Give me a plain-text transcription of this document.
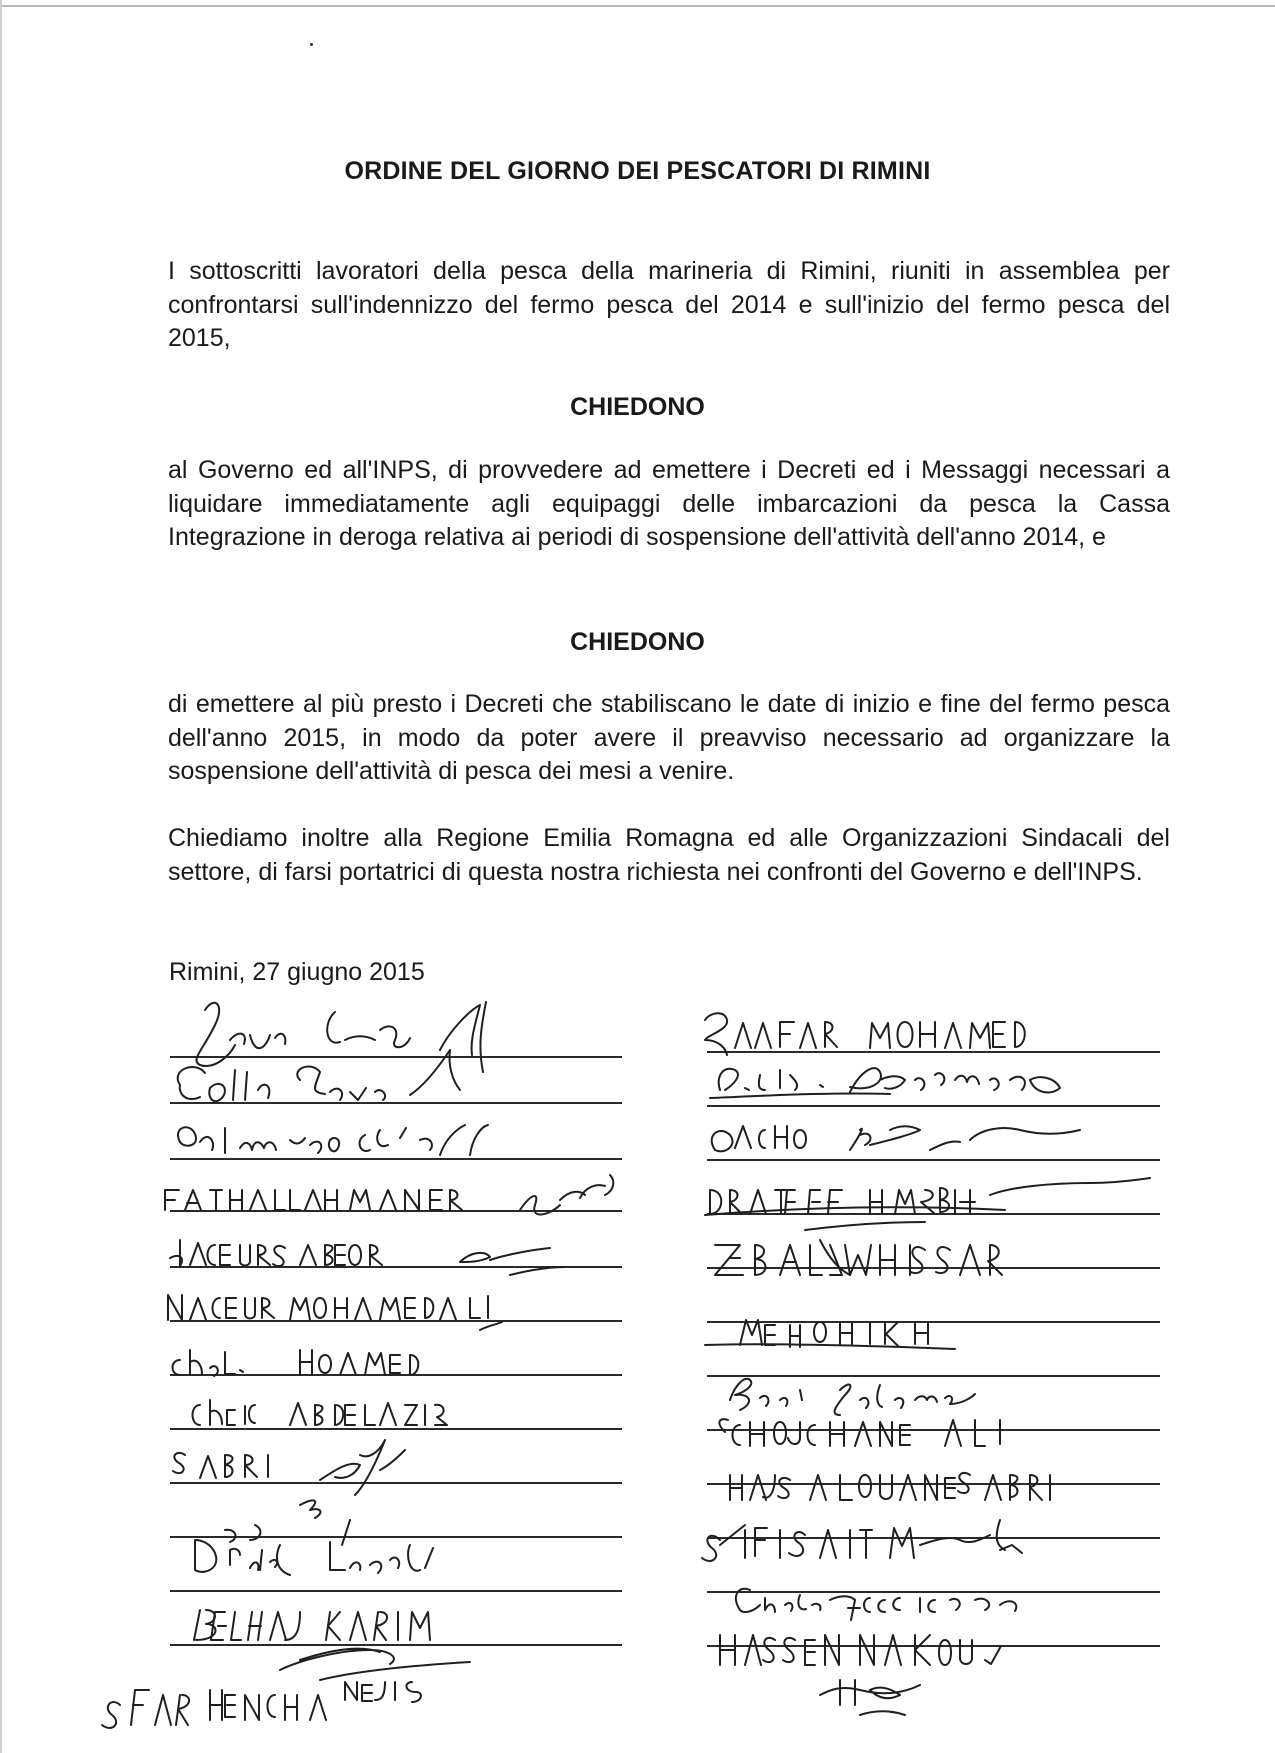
ORDINE DEL GIORNO DEI PESCATORI DI RIMINI
I sottoscritti lavoratori della pesca della marineria di Rimini, riuniti in assemblea per confrontarsi sull'indennizzo del fermo pesca del 2014 e sull'inizio del fermo pesca del 2015,
CHIEDONO
al Governo ed all'INPS, di provvedere ad emettere i Decreti ed i Messaggi necessari a liquidare immediatamente agli equipaggi delle imbarcazioni da pesca la Cassa Integrazione in deroga relativa ai periodi di sospensione dell'attività dell'anno 2014, e
CHIEDONO
di emettere al più presto i Decreti che stabiliscano le date di inizio e fine del fermo pesca dell'anno 2015, in modo da poter avere il preavviso necessario ad organizzare la sospensione dell'attività di pesca dei mesi a venire.
Chiediamo inoltre alla Regione Emilia Romagna ed alle Organizzazioni Sindacali del settore, di farsi portatrici di questa nostra richiesta nei confronti del Governo e dell'INPS.
Rimini, 27 giugno 2015
